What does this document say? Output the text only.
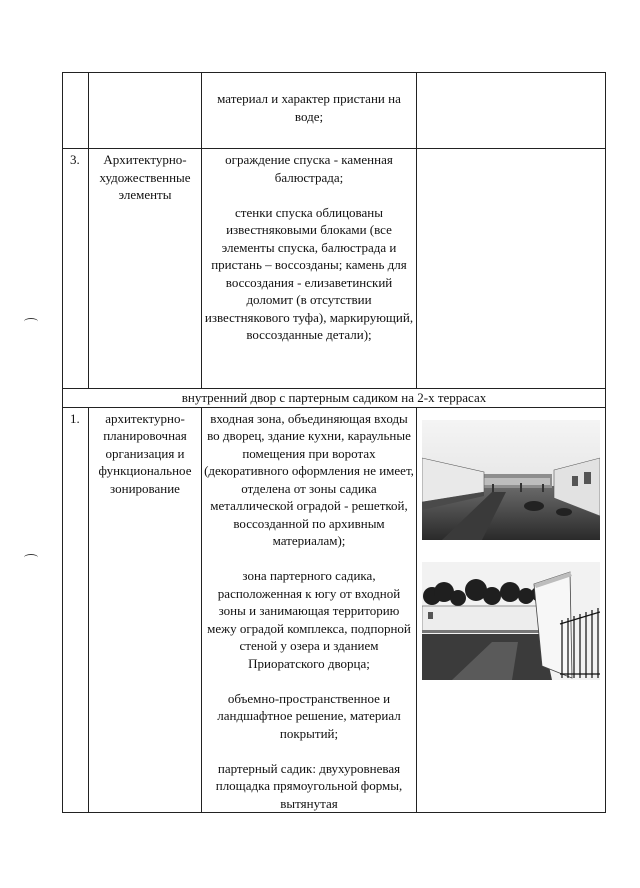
		материал и характер пристани на воде;	

3.	Архитектурно-художественные элементы	ограждение спуска - каменная балюстрада;
стенки спуска облицованы известняковыми блоками (все элементы спуска, балюстрада и пристань – воссозданы; камень для воссоздания - елизаветинский доломит (в отсутствии известнякового туфа), маркирующий, воссозданные детали);	

внутренний двор с партерным садиком на 2-х террасах			
1.	архитектурно-планировочная организация и функциональное зонирование	входная зона, объединяющая входы во дворец, здание кухни, караульные помещения при воротах (декоративного оформления не имеет, отделена от зоны садика металлической оградой - решеткой, воссозданной по архивным материалам);
зона партерного садика, расположенная к югу от входной зоны и занимающая территорию межу оградой комплекса, подпорной стеной у озера и зданием Приоратского дворца;
объемно-пространственное и ландшафтное решение, материал покрытий;
партерный садик: двухуровневая площадка прямоугольной формы, вытянутая
